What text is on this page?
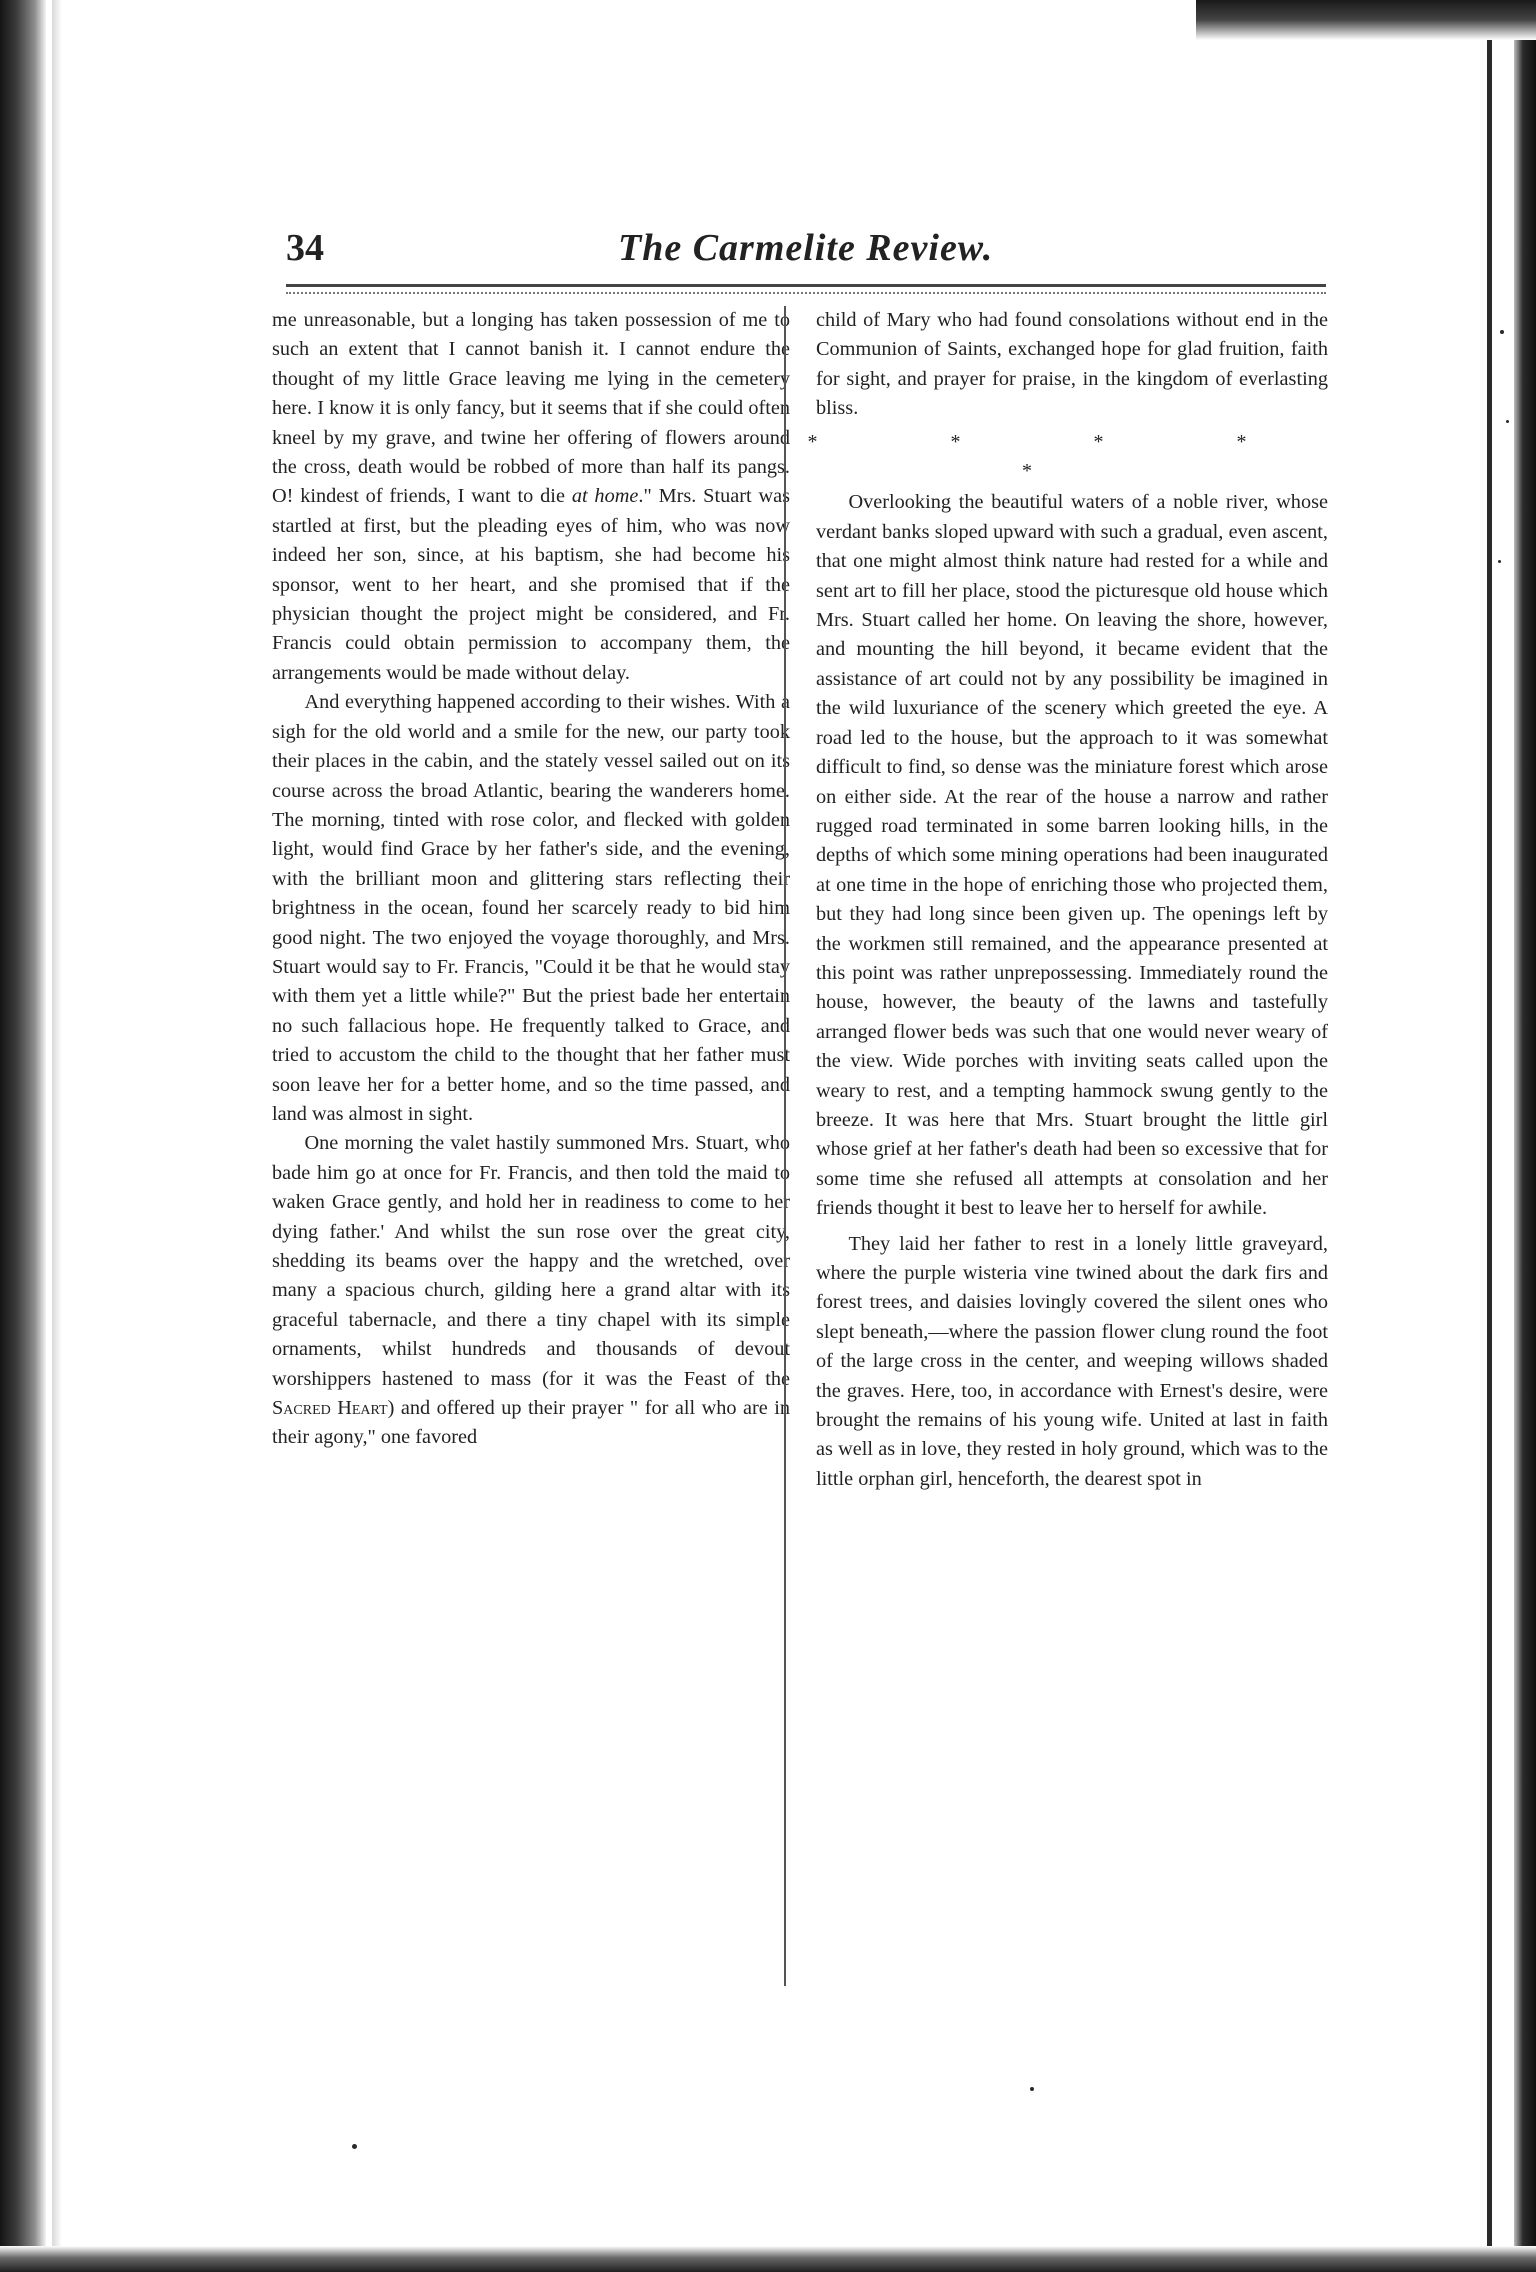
34	The Carmelite Review.

me unreasonable, but a longing has taken possession of me to such an extent that I cannot banish it. I cannot endure the thought of my little Grace leaving me lying in the cemetery here. I know it is only fancy, but it seems that if she could often kneel by my grave, and twine her offering of flowers around the cross, death would be robbed of more than half its pangs. O! kindest of friends, I want to die at home." Mrs. Stuart was startled at first, but the pleading eyes of him, who was now indeed her son, since, at his baptism, she had become his sponsor, went to her heart, and she promised that if the physician thought the project might be considered, and Fr. Francis could obtain permission to accompany them, the arrangements would be made without delay.

And everything happened according to their wishes. With a sigh for the old world and a smile for the new, our party took their places in the cabin, and the stately vessel sailed out on its course across the broad Atlantic, bearing the wanderers home. The morning, tinted with rose color, and flecked with golden light, would find Grace by her father's side, and the evening, with the brilliant moon and glittering stars reflecting their brightness in the ocean, found her scarcely ready to bid him good night. The two enjoyed the voyage thoroughly, and Mrs. Stuart would say to Fr. Francis, "Could it be that he would stay with them yet a little while?" But the priest bade her entertain no such fallacious hope. He frequently talked to Grace, and tried to accustom the child to the thought that her father must soon leave her for a better home, and so the time passed, and land was almost in sight.

One morning the valet hastily summoned Mrs. Stuart, who bade him go at once for Fr. Francis, and then told the maid to waken Grace gently, and hold her in readiness to come to her dying father.' And whilst the sun rose over the great city, shedding its beams over the happy and the wretched, over many a spacious church, gilding here a grand altar with its graceful tabernacle, and there a tiny chapel with its simple ornaments, whilst hundreds and thousands of devout worshippers hastened to mass (for it was the Feast of the Sacred Heart) and offered up their prayer " for all who are in their agony," one favored

child of Mary who had found consolations without end in the Communion of Saints, exchanged hope for glad fruition, faith for sight, and prayer for praise, in the kingdom of everlasting bliss.

* * * * *

Overlooking the beautiful waters of a noble river, whose verdant banks sloped upward with such a gradual, even ascent, that one might almost think nature had rested for a while and sent art to fill her place, stood the picturesque old house which Mrs. Stuart called her home. On leaving the shore, however, and mounting the hill beyond, it became evident that the assistance of art could not by any possibility be imagined in the wild luxuriance of the scenery which greeted the eye. A road led to the house, but the approach to it was somewhat difficult to find, so dense was the miniature forest which arose on either side. At the rear of the house a narrow and rather rugged road terminated in some barren looking hills, in the depths of which some mining operations had been inaugurated at one time in the hope of enriching those who projected them, but they had long since been given up. The openings left by the workmen still remained, and the appearance presented at this point was rather unprepossessing. Immediately round the house, however, the beauty of the lawns and tastefully arranged flower beds was such that one would never weary of the view. Wide porches with inviting seats called upon the weary to rest, and a tempting hammock swung gently to the breeze. It was here that Mrs. Stuart brought the little girl whose grief at her father's death had been so excessive that for some time she refused all attempts at consolation and her friends thought it best to leave her to herself for awhile.

They laid her father to rest in a lonely little graveyard, where the purple wisteria vine twined about the dark firs and forest trees, and daisies lovingly covered the silent ones who slept beneath,—where the passion flower clung round the foot of the large cross in the center, and weeping willows shaded the graves. Here, too, in accordance with Ernest's desire, were brought the remains of his young wife. United at last in faith as well as in love, they rested in holy ground, which was to the little orphan girl, henceforth, the dearest spot in
